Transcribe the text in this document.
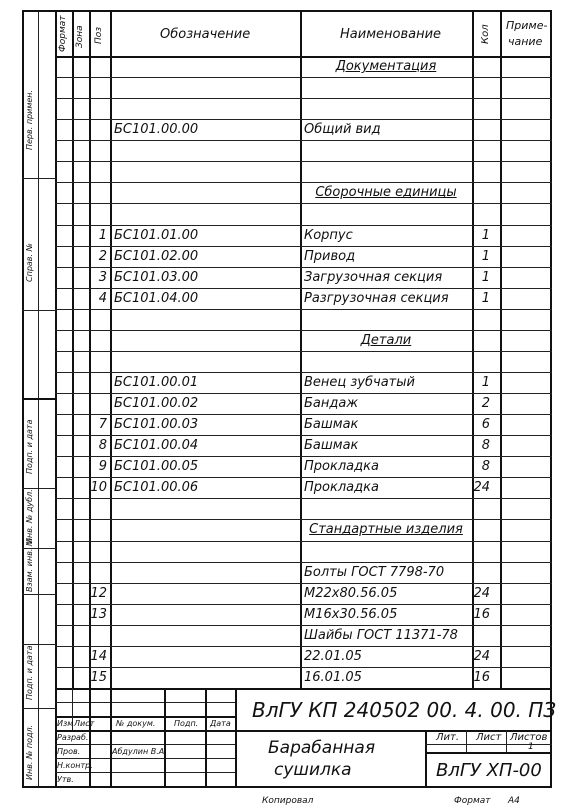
Перв. примен.
Справ. №
Подп. и дата
Инв. № дубл.
Взам. инв. №
Подп. и дата
Инв. № подл.
Формат Зона Поз	Обозначение	Наименование	Кол Приме-
чание
Документация
БС101.00.00	Общий вид
Сборочные единицы
1 БС101.01.00	Корпус	1
2 БС101.02.00	Привод	1
3 БС101.03.00	Загрузочная секция	1
4 БС101.04.00	Разгрузочная секция	1
Детали
БС101.00.01	Венец зубчатый	1
БС101.00.02	Бандаж	2
7 БС101.00.03	Башмак	6
8 БС101.00.04	Башмак	8
9 БС101.00.05	Прокладка	8
10 БС101.00.06	Прокладка	24
Стандартные изделия
Болты ГОСТ 7798-70
12	М22х80.56.05	24
13	М16х30.56.05	16
Шайбы ГОСТ 11371-78
14	22.01.05	24
15	16.01.05	16
ВлГУ КП 240502 00. 4. 00. ПЗ
Барабанная
сушилка	ВлГУ ХП-00
Изм Лист	№ докум. Подп. Дата
Разраб.
Пров.	Абдулин В.А.
Н.контр.
Утв.
Лит. Лист Листов
1
Копировал	Формат А4
